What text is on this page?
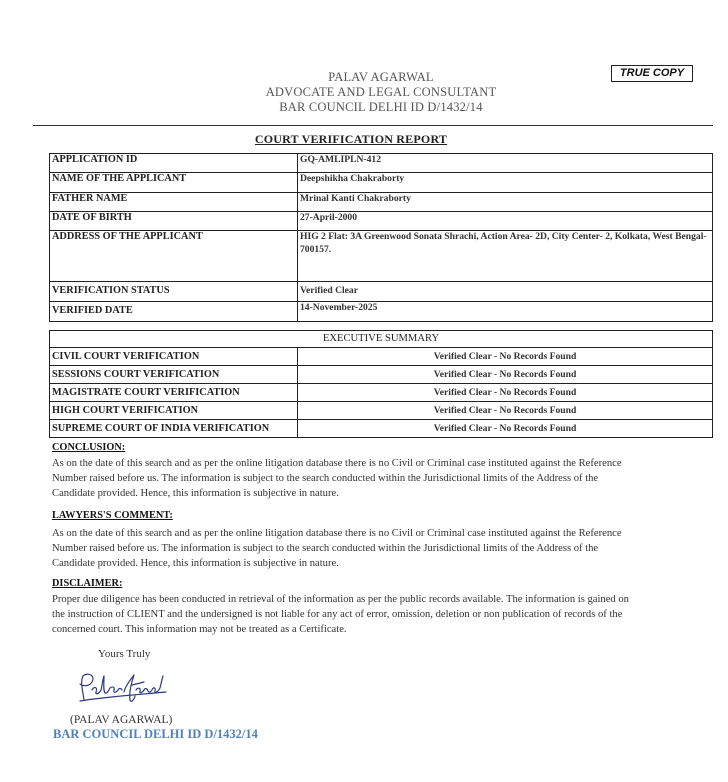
PALAV AGARWAL
ADVOCATE AND LEGAL CONSULTANT
BAR COUNCIL DELHI ID D/1432/14
TRUE COPY
COURT VERIFICATION REPORT
APPLICATION ID	GQ-AMLIPLN-412
NAME OF THE APPLICANT	Deepshikha Chakraborty
FATHER NAME	Mrinal Kanti Chakraborty
DATE OF BIRTH	27-April-2000
ADDRESS OF THE APPLICANT	HIG 2 Flat: 3A Greenwood Sonata Shrachi, Action Area- 2D, City Center- 2, Kolkata, West Bengal-700157.
VERIFICATION STATUS	Verified Clear
VERIFIED DATE	14-November-2025
EXECUTIVE SUMMARY	
CIVIL COURT VERIFICATION	Verified Clear - No Records Found
SESSIONS COURT VERIFICATION	Verified Clear - No Records Found
MAGISTRATE COURT VERIFICATION	Verified Clear - No Records Found
HIGH COURT VERIFICATION	Verified Clear - No Records Found
SUPREME COURT OF INDIA VERIFICATION	Verified Clear - No Records Found
CONCLUSION:
As on the date of this search and as per the online litigation database there is no Civil or Criminal case instituted against the Reference
Number raised before us. The information is subject to the search conducted within the Jurisdictional limits of the Address of the
Candidate provided. Hence, this information is subjective in nature.
LAWYERS'S COMMENT:
As on the date of this search and as per the online litigation database there is no Civil or Criminal case instituted against the Reference
Number raised before us. The information is subject to the search conducted within the Jurisdictional limits of the Address of the
Candidate provided. Hence, this information is subjective in nature.
DISCLAIMER:
Proper due diligence has been conducted in retrieval of the information as per the public records available. The information is gained on
the instruction of CLIENT and the undersigned is not liable for any act of error, omission, deletion or non publication of records of the
concerned court. This information may not be treated as a Certificate.
Yours Truly
(PALAV AGARWAL)
BAR COUNCIL DELHI ID D/1432/14
